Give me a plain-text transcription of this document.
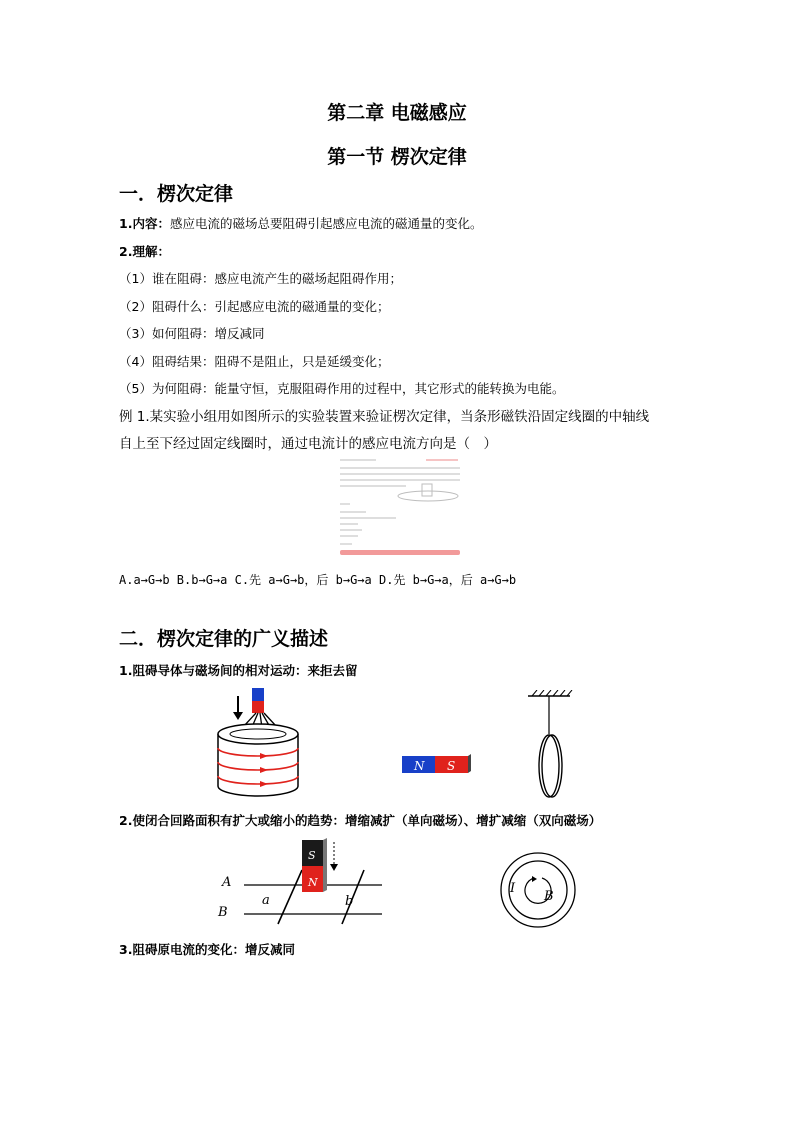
第二章 电磁感应
第一节 楞次定律
一．楞次定律
1.内容：感应电流的磁场总要阻碍引起感应电流的磁通量的变化。
2.理解：
（1）谁在阻碍：感应电流产生的磁场起阻碍作用；
（2）阻碍什么：引起感应电流的磁通量的变化；
（3）如何阻碍：增反减同
（4）阻碍结果：阻碍不是阻止，只是延缓变化；
（5）为何阻碍：能量守恒，克服阻碍作用的过程中，其它形式的能转换为电能。
例 1.某实验小组用如图所示的实验装置来验证楞次定律，当条形磁铁沿固定线圈的中轴线
自上至下经过固定线圈时，通过电流计的感应电流方向是（　）
A.a→G→b B.b→G→a C.先 a→G→b，后 b→G→a D.先 b→G→a，后 a→G→b
二．楞次定律的广义描述
1.阻碍导体与磁场间的相对运动：来拒去留
N S
2.使闭合回路面积有扩大或缩小的趋势：增缩减扩（单向磁场）、增扩减缩（双向磁场）
S
N
A
B
a	b
I
B
3.阻碍原电流的变化：增反减同
